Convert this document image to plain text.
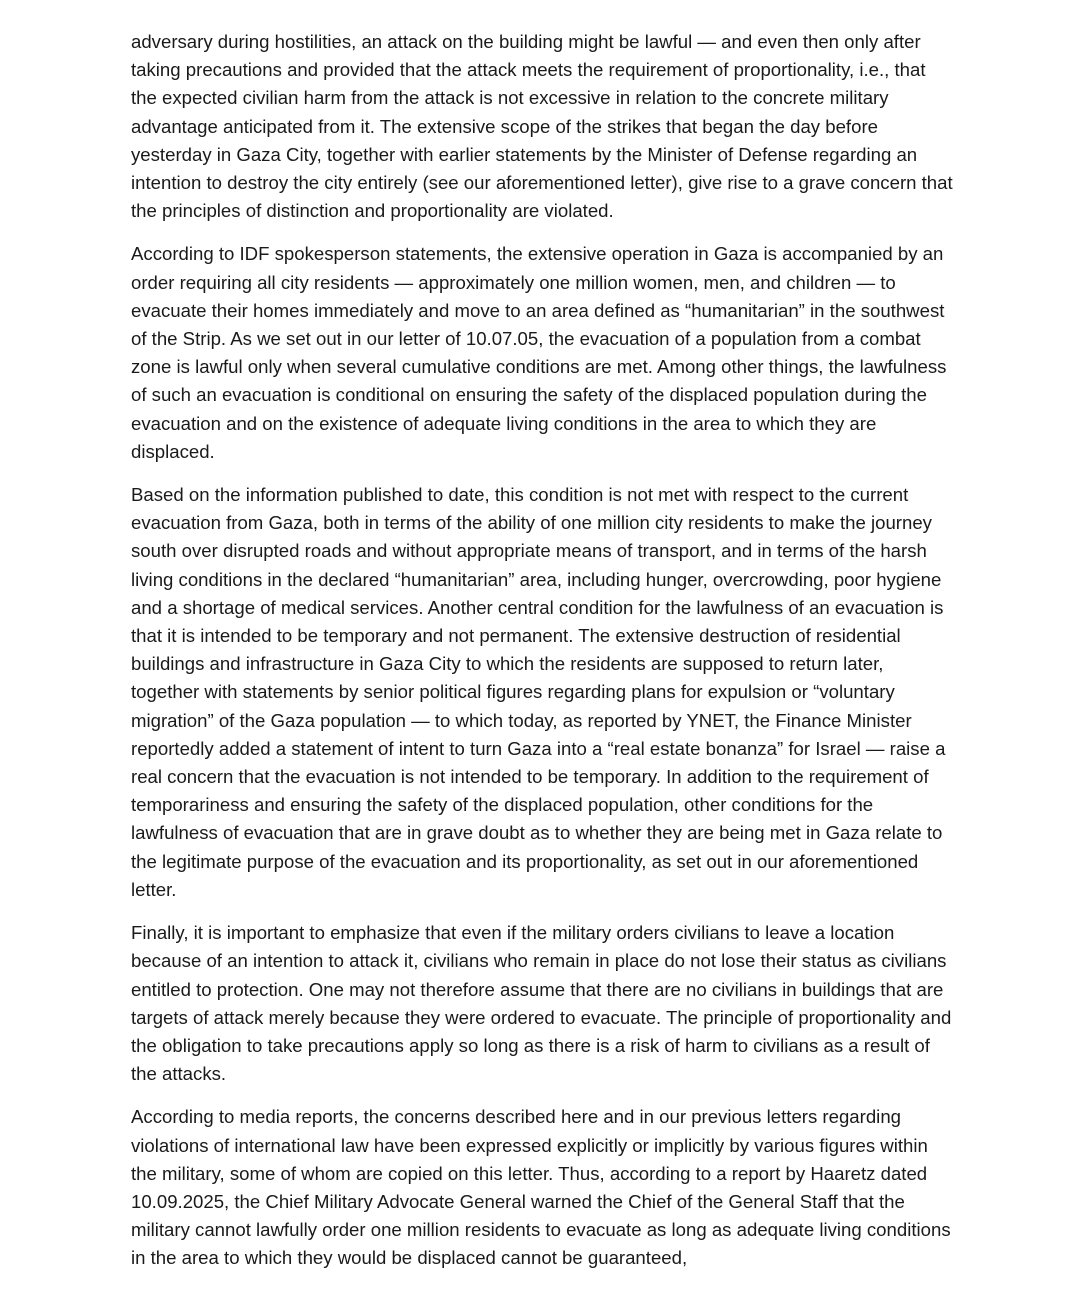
adversary during hostilities, an attack on the building might be lawful — and even then only after taking precautions and provided that the attack meets the requirement of proportionality, i.e., that the expected civilian harm from the attack is not excessive in relation to the concrete military advantage anticipated from it. The extensive scope of the strikes that began the day before yesterday in Gaza City, together with earlier statements by the Minister of Defense regarding an intention to destroy the city entirely (see our aforementioned letter), give rise to a grave concern that the principles of distinction and proportionality are violated.

According to IDF spokesperson statements, the extensive operation in Gaza is accompanied by an order requiring all city residents — approximately one million women, men, and children — to evacuate their homes immediately and move to an area defined as “humanitarian” in the southwest of the Strip. As we set out in our letter of 10.07.05, the evacuation of a population from a combat zone is lawful only when several cumulative conditions are met. Among other things, the lawfulness of such an evacuation is conditional on ensuring the safety of the displaced population during the evacuation and on the existence of adequate living conditions in the area to which they are displaced.

Based on the information published to date, this condition is not met with respect to the current evacuation from Gaza, both in terms of the ability of one million city residents to make the journey south over disrupted roads and without appropriate means of transport, and in terms of the harsh living conditions in the declared “humanitarian” area, including hunger, overcrowding, poor hygiene and a shortage of medical services. Another central condition for the lawfulness of an evacuation is that it is intended to be temporary and not permanent. The extensive destruction of residential buildings and infrastructure in Gaza City to which the residents are supposed to return later, together with statements by senior political figures regarding plans for expulsion or “voluntary migration” of the Gaza population — to which today, as reported by YNET, the Finance Minister reportedly added a statement of intent to turn Gaza into a “real estate bonanza” for Israel — raise a real concern that the evacuation is not intended to be temporary. In addition to the requirement of temporariness and ensuring the safety of the displaced population, other conditions for the lawfulness of evacuation that are in grave doubt as to whether they are being met in Gaza relate to the legitimate purpose of the evacuation and its proportionality, as set out in our aforementioned letter.

Finally, it is important to emphasize that even if the military orders civilians to leave a location because of an intention to attack it, civilians who remain in place do not lose their status as civilians entitled to protection. One may not therefore assume that there are no civilians in buildings that are targets of attack merely because they were ordered to evacuate. The principle of proportionality and the obligation to take precautions apply so long as there is a risk of harm to civilians as a result of the attacks.

According to media reports, the concerns described here and in our previous letters regarding violations of international law have been expressed explicitly or implicitly by various figures within the military, some of whom are copied on this letter. Thus, according to a report by Haaretz dated 10.09.2025, the Chief Military Advocate General warned the Chief of the General Staff that the military cannot lawfully order one million residents to evacuate as long as adequate living conditions in the area to which they would be displaced cannot be guaranteed,
